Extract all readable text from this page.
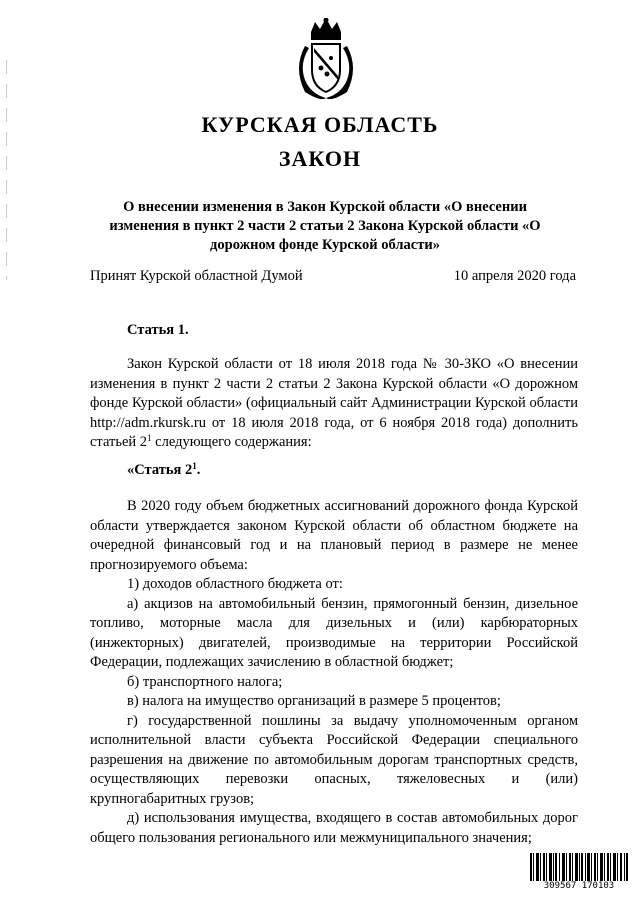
КУРСКАЯ ОБЛАСТЬ
ЗАКОН
О внесении изменения в Закон Курской области «О внесении изменения в пункт 2 части 2 статьи 2 Закона Курской области «О дорожном фонде Курской области»
Принят Курской областной Думой	10 апреля 2020 года
Статья 1.

Закон Курской области от 18 июля 2018 года № 30-ЗКО «О внесении изменения в пункт 2 части 2 статьи 2 Закона Курской области «О дорожном фонде Курской области» (официальный сайт Администрации Курской области http://adm.rkursk.ru от 18 июля 2018 года, от 6 ноября 2018 года) дополнить статьей $2^1$ следующего содержания:

«Статья $2^1$.
В 2020 году объем бюджетных ассигнований дорожного фонда Курской области утверждается законом Курской области об областном бюджете на очередной финансовый год и на плановый период в размере не менее прогнозируемого объема:
1) доходов областного бюджета от:
а) акцизов на автомобильный бензин, прямогонный бензин, дизельное топливо, моторные масла для дизельных и (или) карбюраторных (инжекторных) двигателей, производимые на территории Российской Федерации, подлежащих зачислению в областной бюджет;
б) транспортного налога;
в) налога на имущество организаций в размере 5 процентов;
г) государственной пошлины за выдачу уполномоченным органом исполнительной власти субъекта Российской Федерации специального разрешения на движение по автомобильным дорогам транспортных средств, осуществляющих перевозки опасных, тяжеловесных и (или) крупногабаритных грузов;
д) использования имущества, входящего в состав автомобильных дорог общего пользования регионального или межмуниципального значения;
309567 170103
